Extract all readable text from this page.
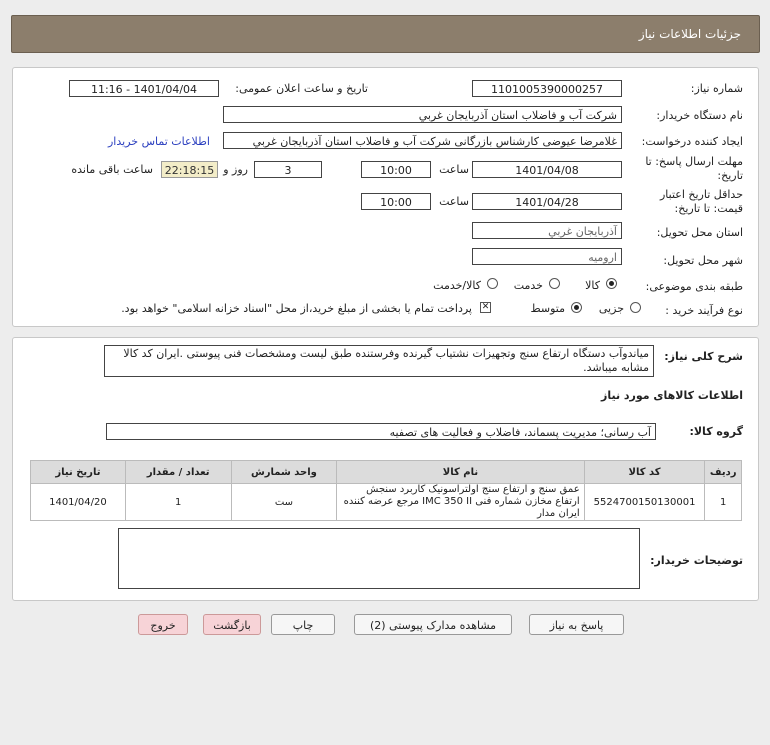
جزئیات اطلاعات نیاز
شماره نیاز:
1101005390000257
تاریخ و ساعت اعلان عمومی:
1401/04/04 - 11:16
نام دستگاه خریدار:
شرکت آب و فاضلاب استان آذربایجان غربي
ایجاد کننده درخواست:
غلامرضا عیوضی کارشناس بازرگانی شرکت آب و فاضلاب استان آذربایجان غربي
اطلاعات تماس خریدار
مهلت ارسال پاسخ: تا
تاریخ:
1401/04/08
ساعت
10:00
3
روز و
22:18:15
ساعت باقی مانده
حداقل تاریخ اعتبار
قیمت: تا تاریخ:
1401/04/28
ساعت
10:00
استان محل تحویل:
آذربایجان غربي
شهر محل تحویل:
ارومیه
طبقه بندی موضوعی:
کالا
خدمت
کالا/خدمت
نوع فرآیند خرید :
جزیی
متوسط
✕
پرداخت تمام یا بخشی از مبلغ خرید،از محل "اسناد خزانه اسلامی" خواهد بود.
شرح کلی نیاز:
میاندوآب دستگاه ارتفاع سنج وتجهیزات نشتیاب گیرنده وفرستنده طبق لیست ومشخصات فنی پیوستی .ایران کد کالا مشابه میباشد.
اطلاعات کالاهای مورد نیاز
گروه کالا:
آب رسانی؛ مدیریت پسماند، فاضلاب و فعالیت های تصفیه
ردیف	کد کالا	نام کالا	واحد شمارش	تعداد / مقدار	تاریخ نیاز
1	5524700150130001	عمق سنج و ارتفاع سنج اولتراسونیک کاربرد سنجش ارتفاع مخازن شماره فنی IMC 350 II مرجع عرضه کننده ایران مدار	ست	1	1401/04/20
توضیحات خریدار:
پاسخ به نیاز
مشاهده مدارک پیوستی (2)
چاپ
بازگشت
خروج
